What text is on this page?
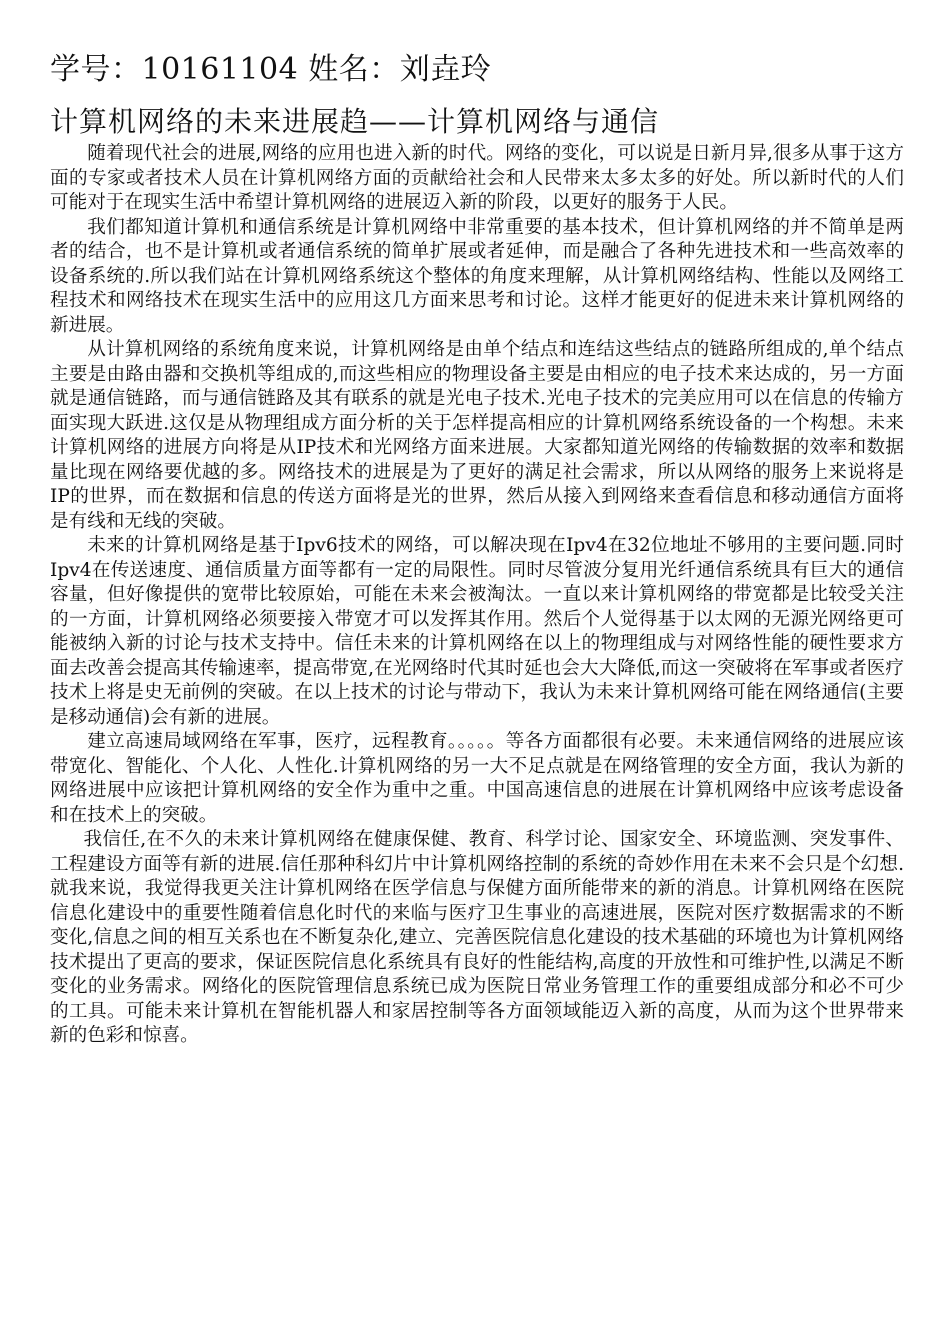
学号：10161104 姓名：刘垚玲
计算机网络的未来进展趋——计算机网络与通信

随着现代社会的进展,网络的应用也进入新的时代。网络的变化，可以说是日新月异,很多从事于这方面的专家或者技术人员在计算机网络方面的贡献给社会和人民带来太多太多的好处。所以新时代的人们可能对于在现实生活中希望计算机网络的进展迈入新的阶段，以更好的服务于人民。

我们都知道计算机和通信系统是计算机网络中非常重要的基本技术，但计算机网络的并不简单是两者的结合，也不是计算机或者通信系统的简单扩展或者延伸，而是融合了各种先进技术和一些高效率的设备系统的.所以我们站在计算机网络系统这个整体的角度来理解，从计算机网络结构、性能以及网络工程技术和网络技术在现实生活中的应用这几方面来思考和讨论。这样才能更好的促进未来计算机网络的新进展。

从计算机网络的系统角度来说，计算机网络是由单个结点和连结这些结点的链路所组成的,单个结点主要是由路由器和交换机等组成的,而这些相应的物理设备主要是由相应的电子技术来达成的，另一方面就是通信链路，而与通信链路及其有联系的就是光电子技术.光电子技术的完美应用可以在信息的传输方面实现大跃进.这仅是从物理组成方面分析的关于怎样提高相应的计算机网络系统设备的一个构想。未来计算机网络的进展方向将是从IP技术和光网络方面来进展。大家都知道光网络的传输数据的效率和数据量比现在网络要优越的多。网络技术的进展是为了更好的满足社会需求，所以从网络的服务上来说将是IP的世界，而在数据和信息的传送方面将是光的世界，然后从接入到网络来查看信息和移动通信方面将是有线和无线的突破。

未来的计算机网络是基于Ipv6技术的网络，可以解决现在Ipv4在32位地址不够用的主要问题.同时Ipv4在传送速度、通信质量方面等都有一定的局限性。同时尽管波分复用光纤通信系统具有巨大的通信容量，但好像提供的宽带比较原始，可能在未来会被淘汰。一直以来计算机网络的带宽都是比较受关注的一方面，计算机网络必须要接入带宽才可以发挥其作用。然后个人觉得基于以太网的无源光网络更可能被纳入新的讨论与技术支持中。信任未来的计算机网络在以上的物理组成与对网络性能的硬性要求方面去改善会提高其传输速率，提高带宽,在光网络时代其时延也会大大降低,而这一突破将在军事或者医疗技术上将是史无前例的突破。在以上技术的讨论与带动下，我认为未来计算机网络可能在网络通信(主要是移动通信)会有新的进展。

建立高速局域网络在军事，医疗，远程教育。。。。。等各方面都很有必要。未来通信网络的进展应该带宽化、智能化、个人化、人性化.计算机网络的另一大不足点就是在网络管理的安全方面，我认为新的网络进展中应该把计算机网络的安全作为重中之重。中国高速信息的进展在计算机网络中应该考虑设备和在技术上的突破。

我信任,在不久的未来计算机网络在健康保健、教育、科学讨论、国家安全、环境监测、突发事件、工程建设方面等有新的进展.信任那种科幻片中计算机网络控制的系统的奇妙作用在未来不会只是个幻想.就我来说，我觉得我更关注计算机网络在医学信息与保健方面所能带来的新的消息。计算机网络在医院信息化建设中的重要性随着信息化时代的来临与医疗卫生事业的高速进展，医院对医疗数据需求的不断变化,信息之间的相互关系也在不断复杂化,建立、完善医院信息化建设的技术基础的环境也为计算机网络技术提出了更高的要求，保证医院信息化系统具有良好的性能结构,高度的开放性和可维护性,以满足不断变化的业务需求。网络化的医院管理信息系统已成为医院日常业务管理工作的重要组成部分和必不可少的工具。可能未来计算机在智能机器人和家居控制等各方面领域能迈入新的高度，从而为这个世界带来新的色彩和惊喜。
